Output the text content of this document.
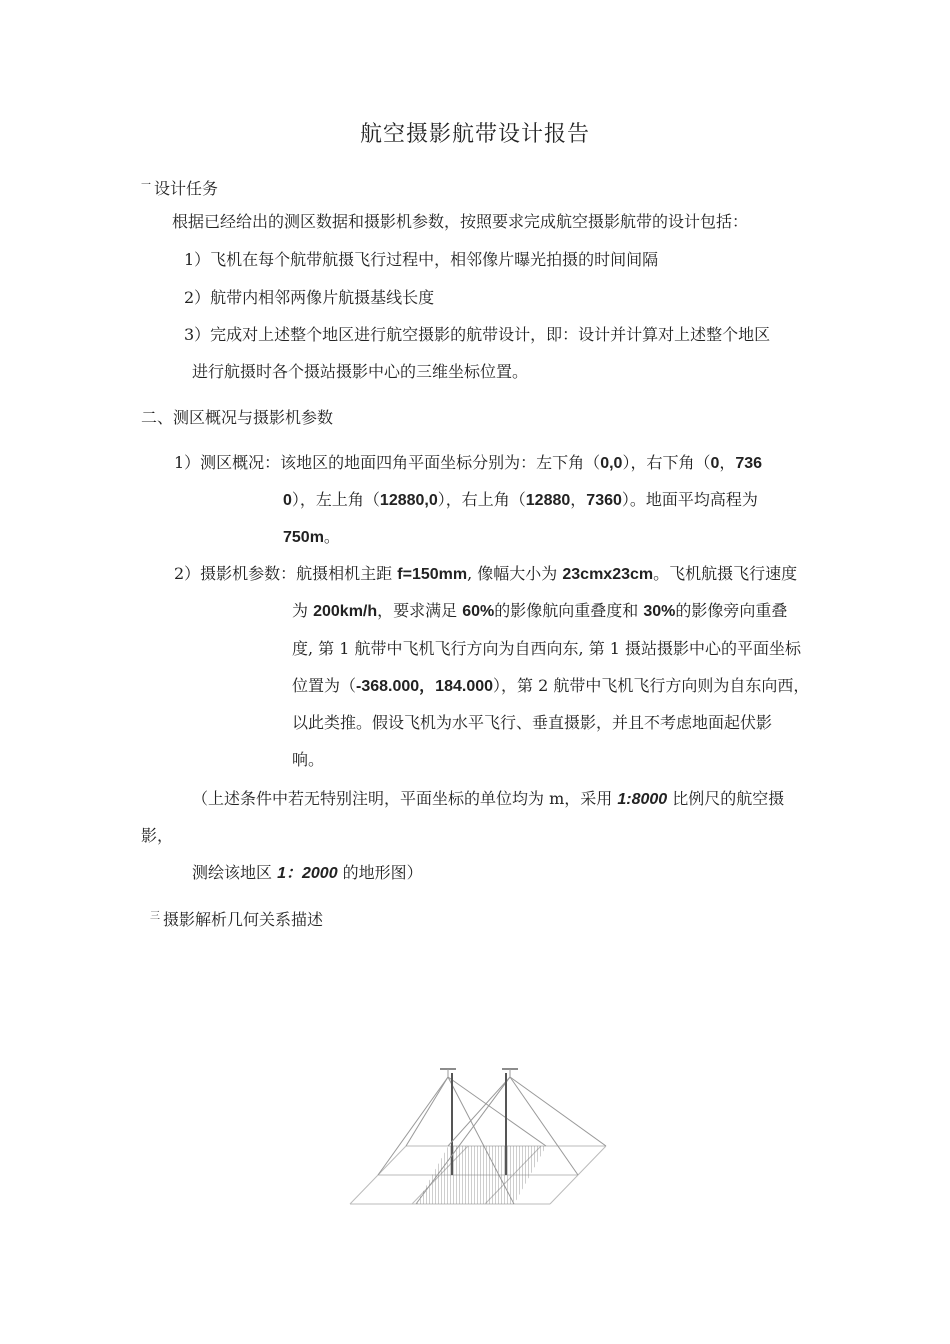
航空摄影航带设计报告
$^一$ 设计任务
根据已经给出的测区数据和摄影机参数，按照要求完成航空摄影航带的设计包括：
1）飞机在每个航带航摄飞行过程中，相邻像片曝光拍摄的时间间隔
2）航带内相邻两像片航摄基线长度
3）完成对上述整个地区进行航空摄影的航带设计，即：设计并计算对上述整个地区
进行航摄时各个摄站摄影中心的三维坐标位置。
二、测区概况与摄影机参数
1）测区概况：该地区的地面四角平面坐标分别为：左下角（0,0），右下角（0，736
0），左上角（12880,0），右上角（12880，7360）。地面平均高程为
750m。
2）摄影机参数：航摄相机主距 f=150mm, 像幅大小为 23cmx23cm。飞机航摄飞行速度
为 200km/h，要求满足 60%的影像航向重叠度和 30%的影像旁向重叠
度, 第 1 航带中飞机飞行方向为自西向东, 第 1 摄站摄影中心的平面坐标
位置为（-368.000，184.000），第 2 航带中飞机飞行方向则为自东向西，
以此类推。假设飞机为水平飞行、垂直摄影，并且不考虑地面起伏影
响。
（上述条件中若无特别注明，平面坐标的单位均为 m，采用 1:8000 比例尺的航空摄
影，
测绘该地区 1：2000 的地形图）
$^三$ 摄影解析几何关系描述
